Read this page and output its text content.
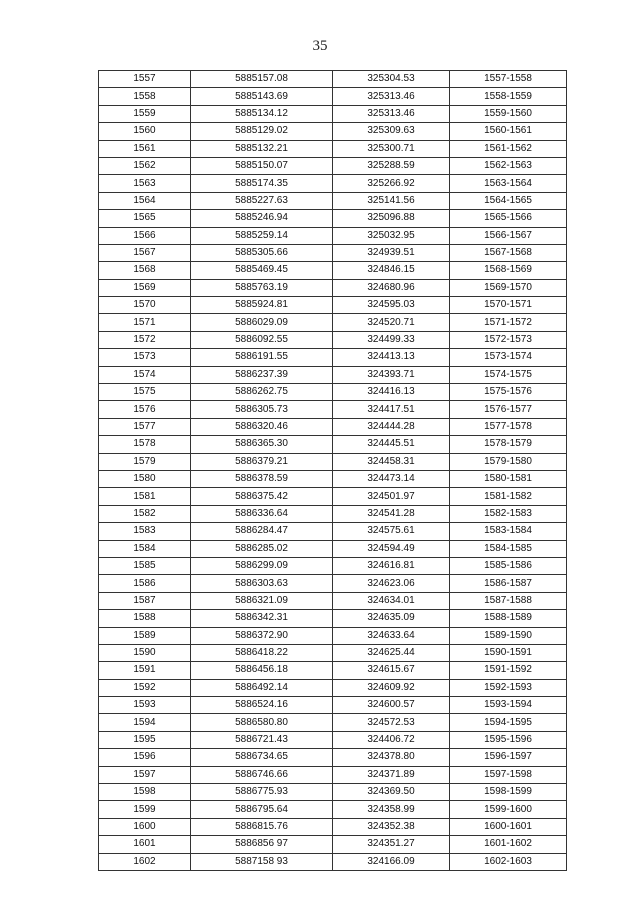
35
1557	5885157.08	325304.53	1557-1558
1558	5885143.69	325313.46	1558-1559
1559	5885134.12	325313.46	1559-1560
1560	5885129.02	325309.63	1560-1561
1561	5885132.21	325300.71	1561-1562
1562	5885150.07	325288.59	1562-1563
1563	5885174.35	325266.92	1563-1564
1564	5885227.63	325141.56	1564-1565
1565	5885246.94	325096.88	1565-1566
1566	5885259.14	325032.95	1566-1567
1567	5885305.66	324939.51	1567-1568
1568	5885469.45	324846.15	1568-1569
1569	5885763.19	324680.96	1569-1570
1570	5885924.81	324595.03	1570-1571
1571	5886029.09	324520.71	1571-1572
1572	5886092.55	324499.33	1572-1573
1573	5886191.55	324413.13	1573-1574
1574	5886237.39	324393.71	1574-1575
1575	5886262.75	324416.13	1575-1576
1576	5886305.73	324417.51	1576-1577
1577	5886320.46	324444.28	1577-1578
1578	5886365.30	324445.51	1578-1579
1579	5886379.21	324458.31	1579-1580
1580	5886378.59	324473.14	1580-1581
1581	5886375.42	324501.97	1581-1582
1582	5886336.64	324541.28	1582-1583
1583	5886284.47	324575.61	1583-1584
1584	5886285.02	324594.49	1584-1585
1585	5886299.09	324616.81	1585-1586
1586	5886303.63	324623.06	1586-1587
1587	5886321.09	324634.01	1587-1588
1588	5886342.31	324635.09	1588-1589
1589	5886372.90	324633.64	1589-1590
1590	5886418.22	324625.44	1590-1591
1591	5886456.18	324615.67	1591-1592
1592	5886492.14	324609.92	1592-1593
1593	5886524.16	324600.57	1593-1594
1594	5886580.80	324572.53	1594-1595
1595	5886721.43	324406.72	1595-1596
1596	5886734.65	324378.80	1596-1597
1597	5886746.66	324371.89	1597-1598
1598	5886775.93	324369.50	1598-1599
1599	5886795.64	324358.99	1599-1600
1600	5886815.76	324352.38	1600-1601
1601	5886856 97	324351.27	1601-1602
1602	5887158 93	324166.09	1602-1603
